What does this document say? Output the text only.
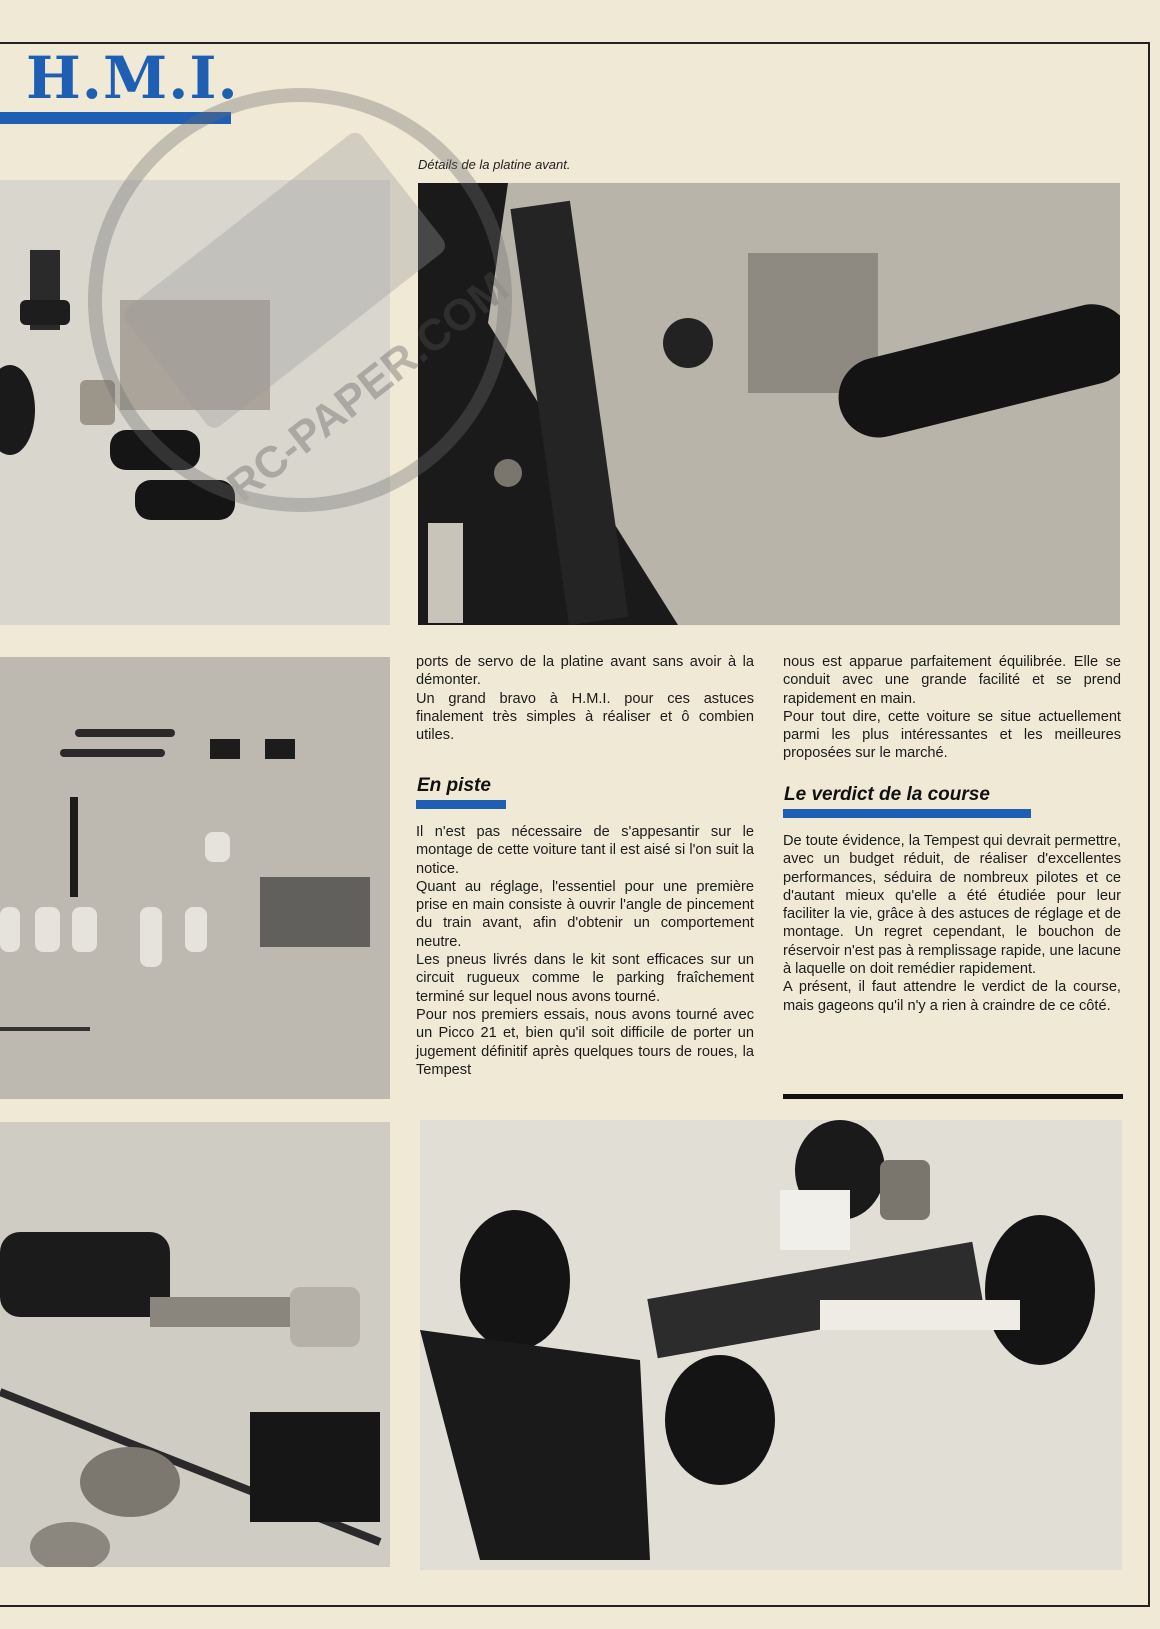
H.M.I.
Détails de la platine avant.
RC-PAPER.COM

ports de servo de la platine avant sans avoir à la démonter.

Un grand bravo à H.M.I. pour ces astuces finalement très simples à réaliser et ô combien utiles.

En piste

Il n'est pas nécessaire de s'appesantir sur le montage de cette voiture tant il est aisé si l'on suit la notice.

Quant au réglage, l'essentiel pour une première prise en main consiste à ouvrir l'angle de pincement du train avant, afin d'obtenir un comportement neutre.

Les pneus livrés dans le kit sont efficaces sur un circuit rugueux comme le parking fraîchement terminé sur lequel nous avons tourné.

Pour nos premiers essais, nous avons tourné avec un Picco 21 et, bien qu'il soit difficile de porter un jugement définitif après quelques tours de roues, la Tempest

nous est apparue parfaitement équilibrée. Elle se conduit avec une grande facilité et se prend rapidement en main.

Pour tout dire, cette voiture se situe actuellement parmi les plus intéressantes et les meilleures proposées sur le marché.

Le verdict de la course

De toute évidence, la Tempest qui devrait permettre, avec un budget réduit, de réaliser d'excellentes performances, séduira de nombreux pilotes et ce d'autant mieux qu'elle a été étudiée pour leur faciliter la vie, grâce à des astuces de réglage et de montage. Un regret cependant, le bouchon de réservoir n'est pas à remplissage rapide, une lacune à laquelle on doit remédier rapidement.

A présent, il faut attendre le verdict de la course, mais gageons qu'il n'y a rien à craindre de ce côté.
